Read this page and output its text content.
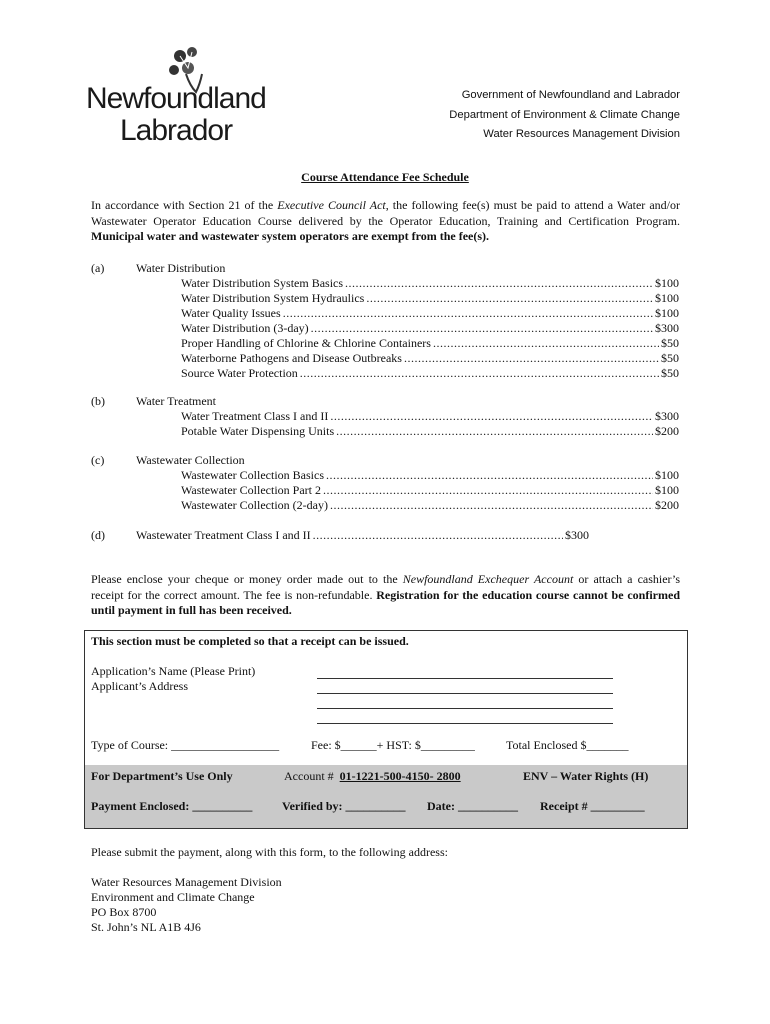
Newfoundland
Labrador
Government of Newfoundland and Labrador
Department of Environment & Climate Change
Water Resources Management Division
Course Attendance Fee Schedule
In accordance with Section 21 of the Executive Council Act, the following fee(s) must be paid to attend a Water and/or Wastewater Operator Education Course delivered by the Operator Education, Training and Certification Program. Municipal water and wastewater system operators are exempt from the fee(s).
(a)	Water Distribution
Water Distribution System Basics .....	$100
Water Distribution System Hydraulics .....	$100
Water Quality Issues .....	$100
Water Distribution (3-day) .....	$300
Proper Handling of Chlorine & Chlorine Containers .....	$50
Waterborne Pathogens and Disease Outbreaks .....	$50
Source Water Protection .....	$50
(b)	Water Treatment
Water Treatment Class I and II .....	$300
Potable Water Dispensing Units .....	$200
(c)	Wastewater Collection
Wastewater Collection Basics .....	$100
Wastewater Collection Part 2 .....	$100
Wastewater Collection (2-day) .....	$200
(d)	Wastewater Treatment Class I and II .....	$300
Please enclose your cheque or money order made out to the Newfoundland Exchequer Account or attach a cashier’s receipt for the correct amount. The fee is non-refundable. Registration for the education course cannot be confirmed until payment in full has been received.
This section must be completed so that a receipt can be issued.
Application’s Name (Please Print)
Applicant’s Address
Type of Course: __________________	Fee: $______+ HST: $_________	Total Enclosed $_______
For Department’s Use Only	Account # 01-1221-500-4150- 2800	ENV – Water Rights (H)
Payment Enclosed: __________ Verified by: __________ Date: __________ Receipt # _________
Please submit the payment, along with this form, to the following address:
Water Resources Management Division
Environment and Climate Change
PO Box 8700
St. John’s NL A1B 4J6
